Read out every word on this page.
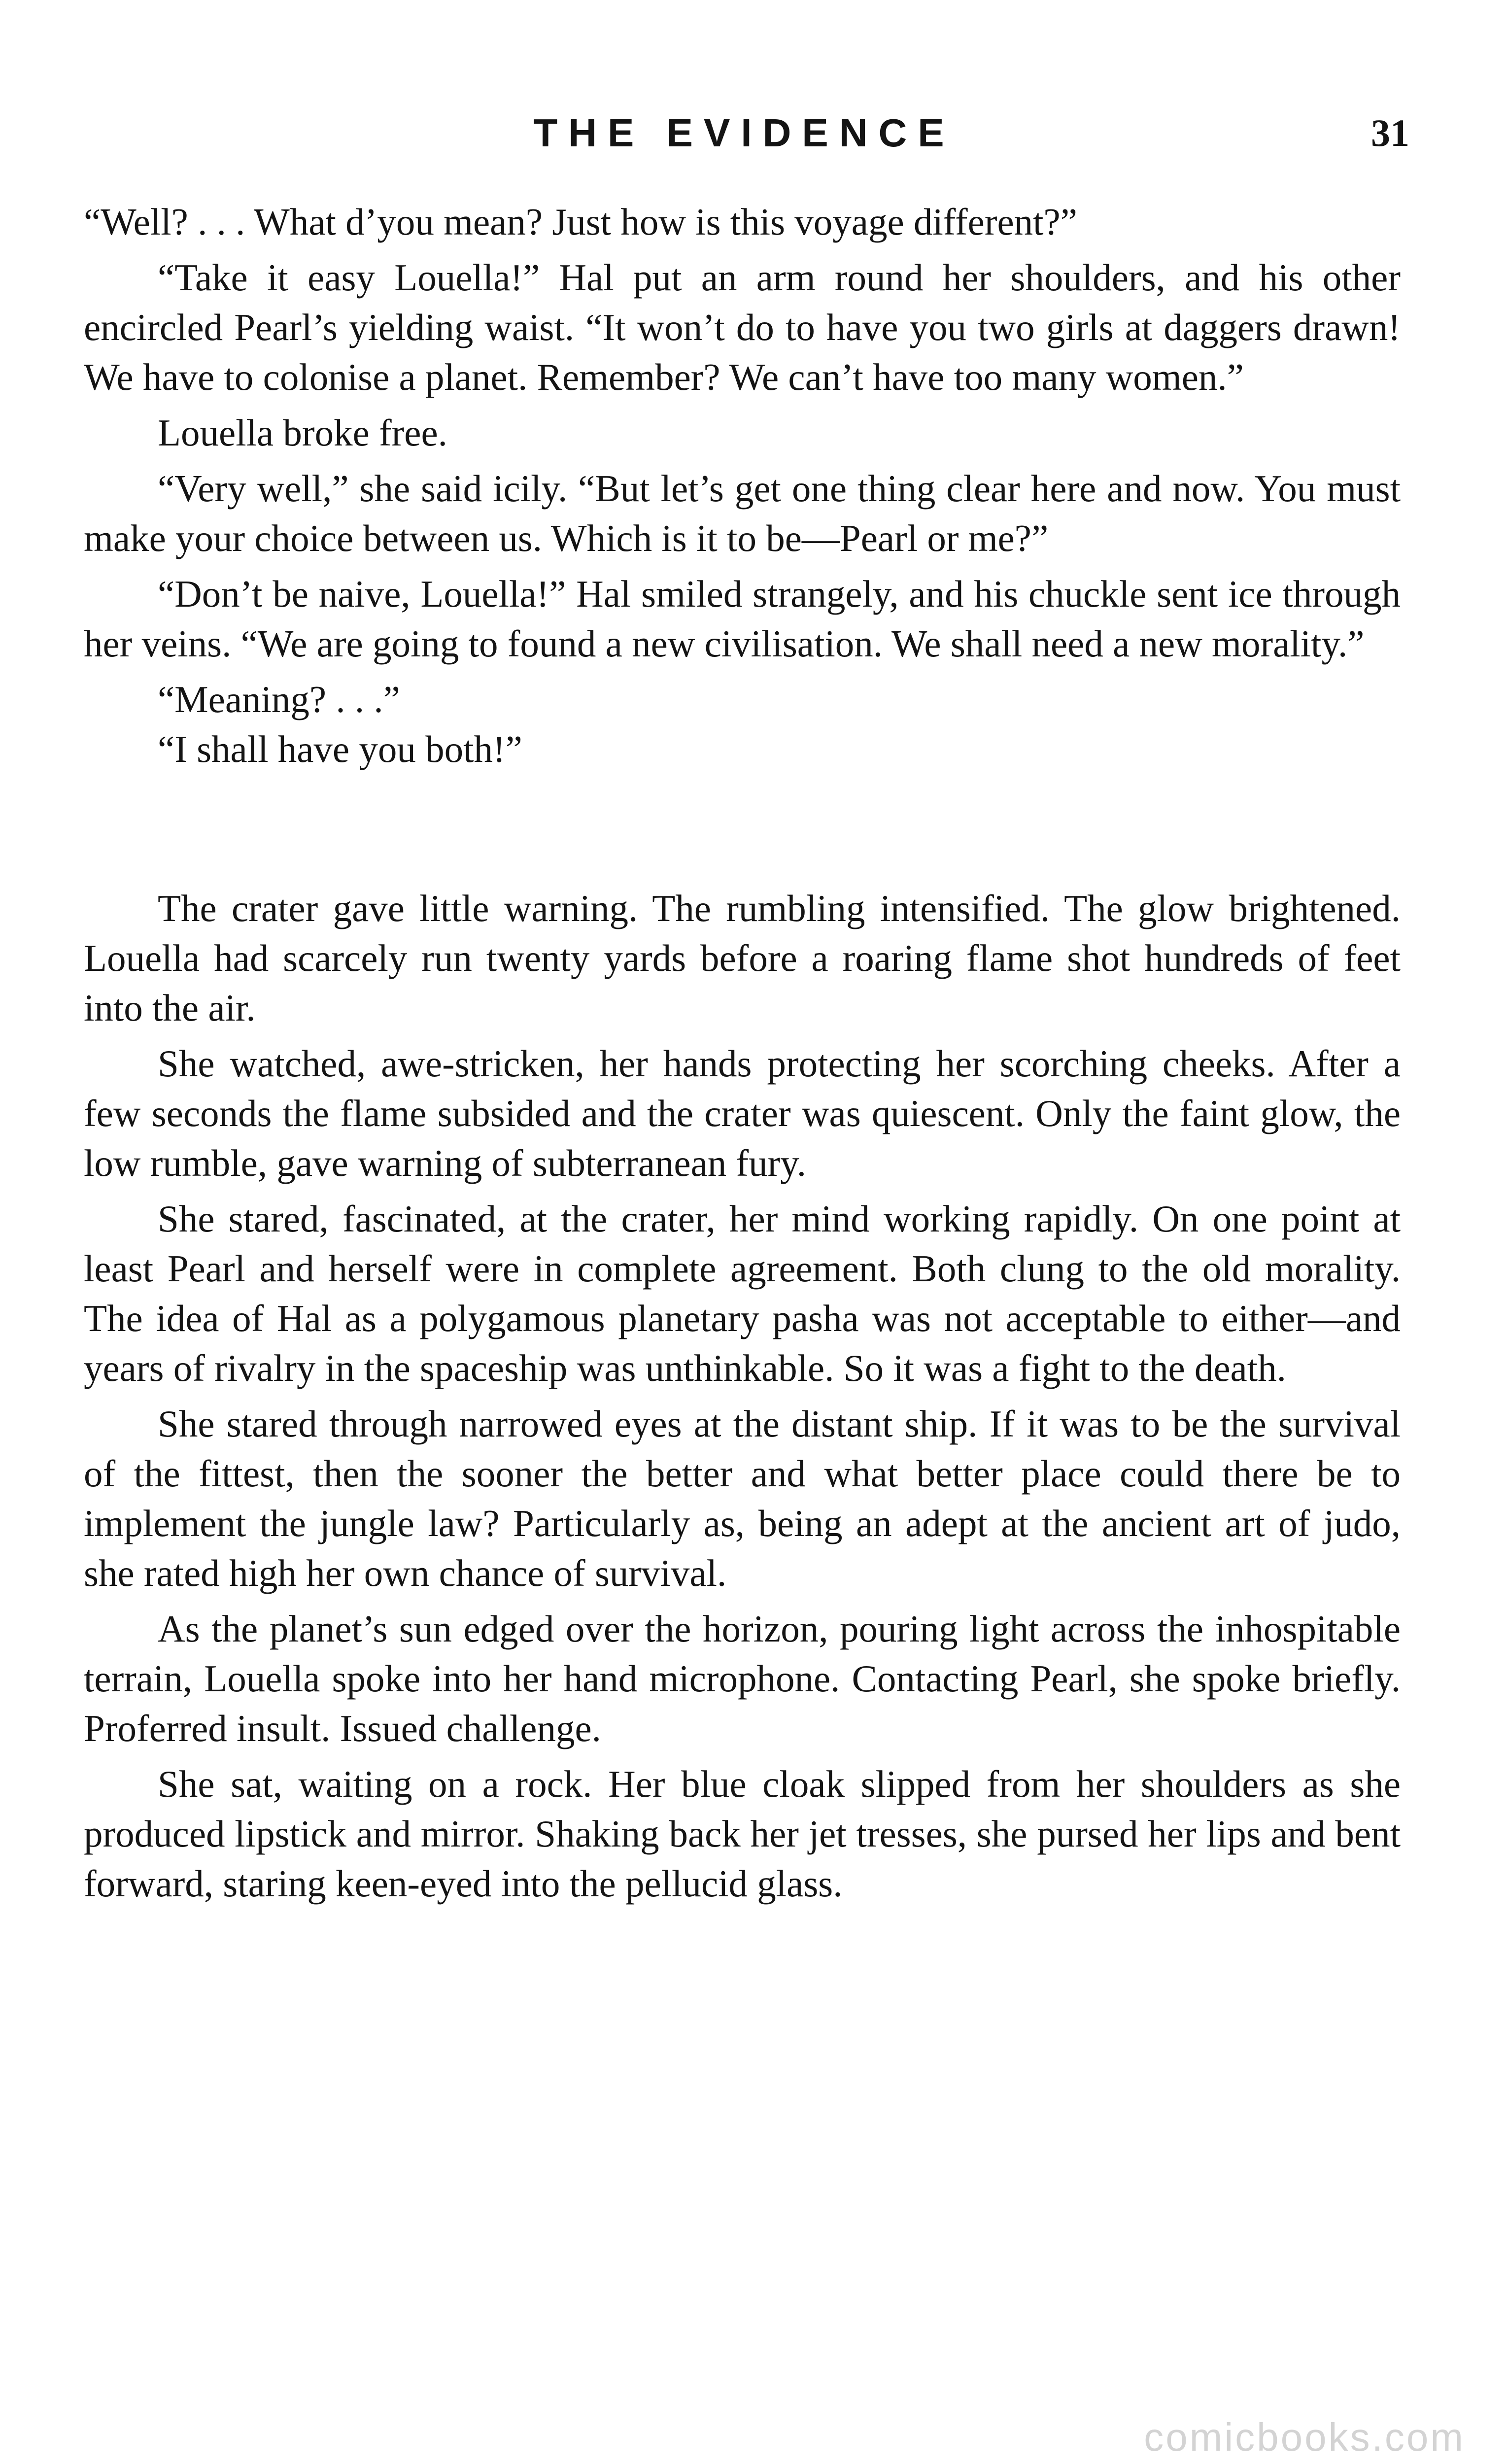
THE EVIDENCE	31

“Well? . . . What d’you mean? Just how is this voyage different?”

“Take it easy Louella!” Hal put an arm round her shoulders, and his other encircled Pearl’s yielding waist. “It won’t do to have you two girls at daggers drawn! We have to colonise a planet. Remember? We can’t have too many women.”

Louella broke free.

“Very well,” she said icily. “But let’s get one thing clear here and now. You must make your choice between us. Which is it to be—Pearl or me?”

“Don’t be naive, Louella!” Hal smiled strangely, and his chuckle sent ice through her veins. “We are going to found a new civilisation. We shall need a new morality.”

“Meaning? . . .”

“I shall have you both!”

The crater gave little warning. The rumbling intensified. The glow brightened. Louella had scarcely run twenty yards before a roaring flame shot hundreds of feet into the air.

She watched, awe-stricken, her hands protecting her scorching cheeks. After a few seconds the flame subsided and the crater was quiescent. Only the faint glow, the low rumble, gave warning of subterranean fury.

She stared, fascinated, at the crater, her mind working rapidly. On one point at least Pearl and herself were in complete agreement. Both clung to the old morality. The idea of Hal as a polygamous planetary pasha was not acceptable to either—and years of rivalry in the spaceship was unthinkable. So it was a fight to the death.

She stared through narrowed eyes at the distant ship. If it was to be the survival of the fittest, then the sooner the better and what better place could there be to implement the jungle law? Particularly as, being an adept at the ancient art of judo, she rated high her own chance of survival.

As the planet’s sun edged over the horizon, pouring light across the inhospitable terrain, Louella spoke into her hand microphone. Contacting Pearl, she spoke briefly. Proferred insult. Issued challenge.

She sat, waiting on a rock. Her blue cloak slipped from her shoulders as she produced lipstick and mirror. Shaking back her jet tresses, she pursed her lips and bent forward, staring keen-eyed into the pellucid glass.

comicbooks.com
